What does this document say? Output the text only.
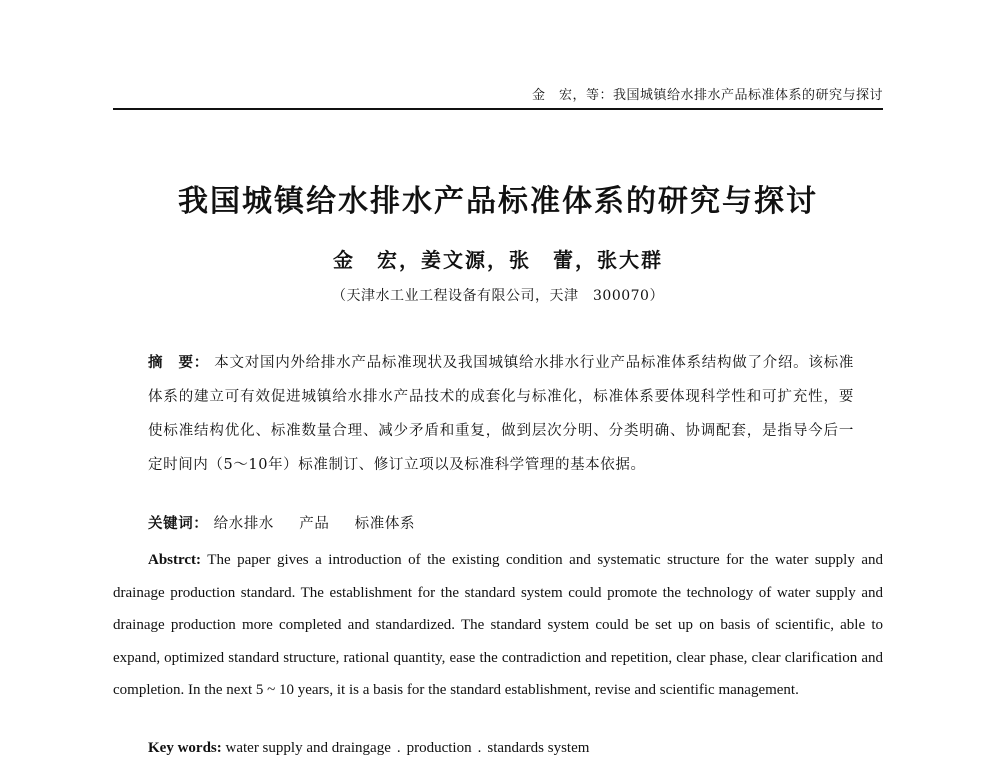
金　宏，等：我国城镇给水排水产品标准体系的研究与探讨
我国城镇给水排水产品标准体系的研究与探讨
金　宏，姜文源，张　蕾，张大群
（天津水工业工程设备有限公司，天津　300070）
摘　要： 本文对国内外给排水产品标准现状及我国城镇给水排水行业产品标准体系结构做了介绍。该标准体系的建立可有效促进城镇给水排水产品技术的成套化与标准化，标准体系要体现科学性和可扩充性，要使标准结构优化、标准数量合理、减少矛盾和重复，做到层次分明、分类明确、协调配套，是指导今后一定时间内（5～10年）标准制订、修订立项以及标准科学管理的基本依据。
关键词： 给水排水 产品 标准体系
Abstrct: The paper gives a introduction of the existing condition and systematic structure for the water supply and drainage production standard. The establishment for the standard system could promote the technology of water supply and drainage production more completed and standardized. The standard system could be set up on basis of scientific, able to expand, optimized standard structure, rational quantity, ease the contradiction and repetition, clear phase, clear clarification and completion. In the next 5 ~ 10 years, it is a basis for the standard establishment, revise and scientific management.
Key words: water supply and draingage . production . standards system
